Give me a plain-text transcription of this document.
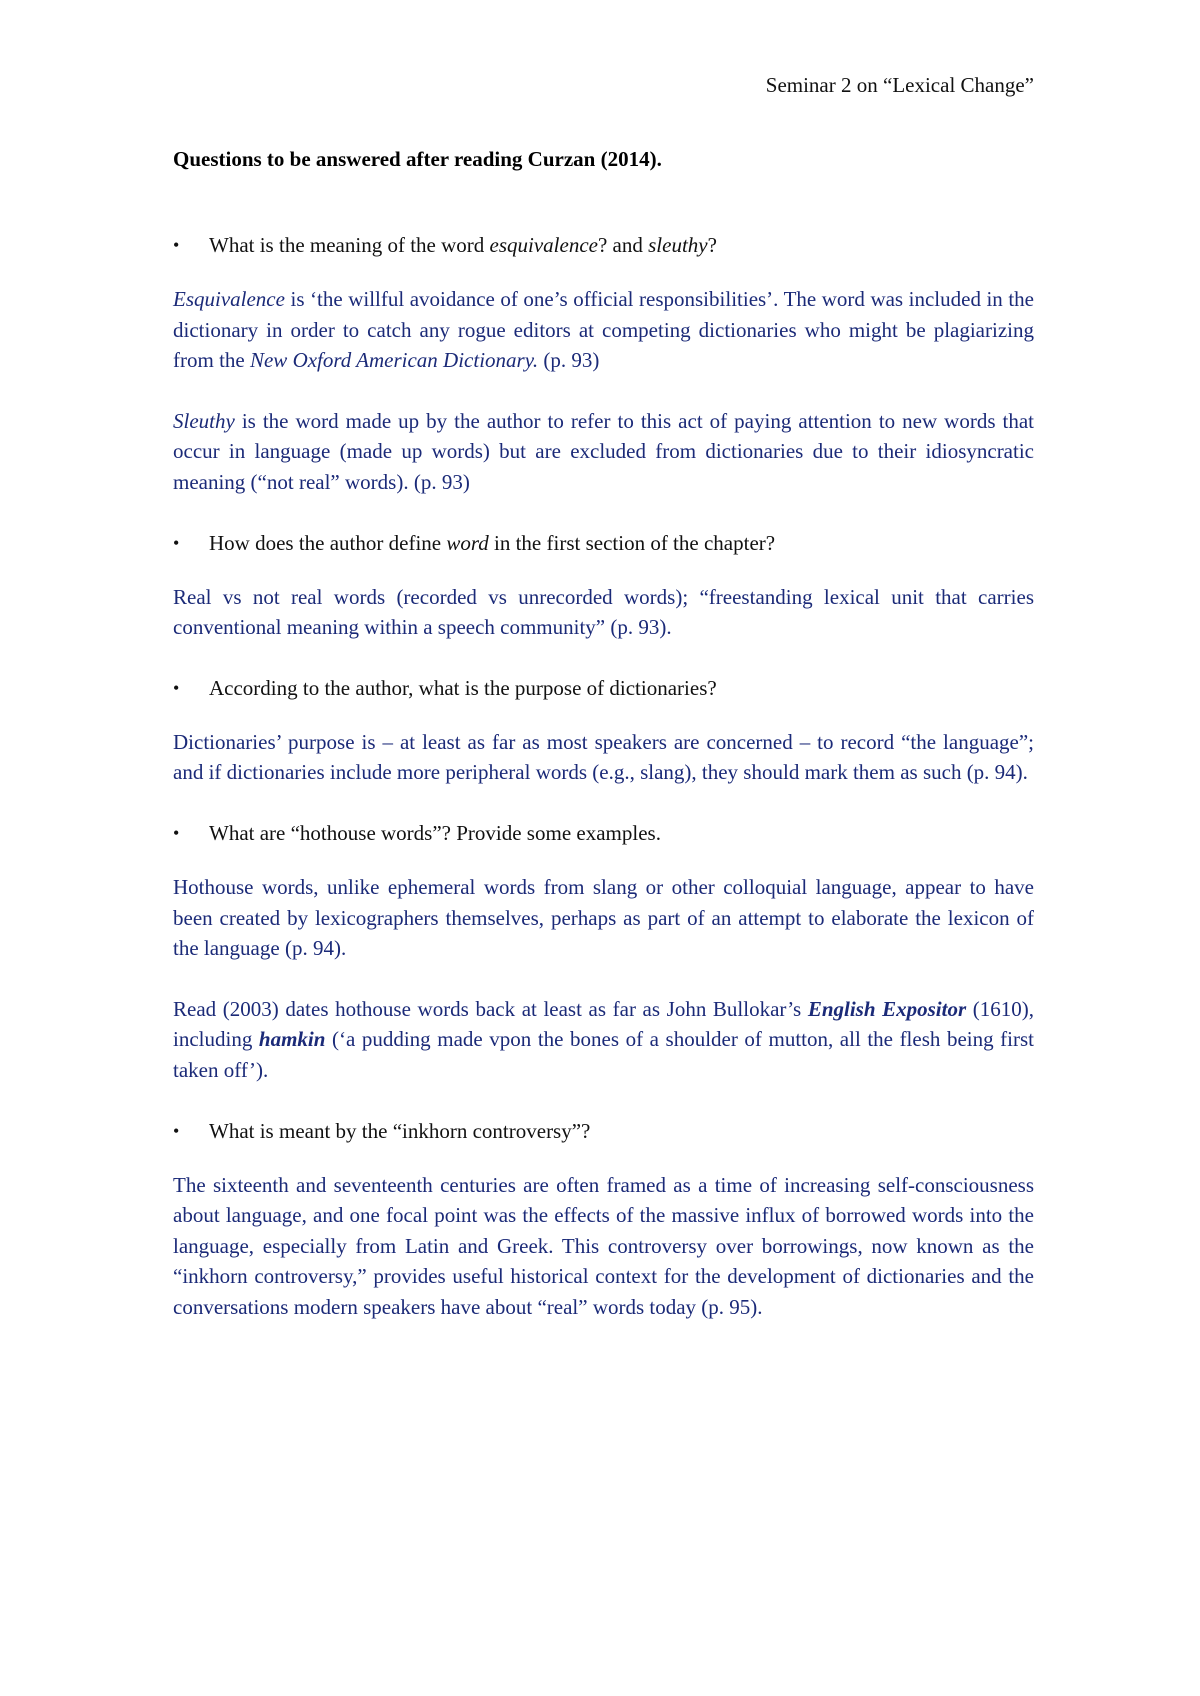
Seminar 2 on “Lexical Change”

Questions to be answered after reading Curzan (2014).

• What is the meaning of the word esquivalence? and sleuthy?

Esquivalence is ‘the willful avoidance of one’s official responsibilities’. The word was included in the dictionary in order to catch any rogue editors at competing dictionaries who might be plagiarizing from the New Oxford American Dictionary. (p. 93)

Sleuthy is the word made up by the author to refer to this act of paying attention to new words that occur in language (made up words) but are excluded from dictionaries due to their idiosyncratic meaning (“not real” words). (p. 93)

• How does the author define word in the first section of the chapter?

Real vs not real words (recorded vs unrecorded words); “freestanding lexical unit that carries conventional meaning within a speech community” (p. 93).

• According to the author, what is the purpose of dictionaries?

Dictionaries’ purpose is – at least as far as most speakers are concerned – to record “the language”; and if dictionaries include more peripheral words (e.g., slang), they should mark them as such (p. 94).

• What are “hothouse words”? Provide some examples.

Hothouse words, unlike ephemeral words from slang or other colloquial language, appear to have been created by lexicographers themselves, perhaps as part of an attempt to elaborate the lexicon of the language (p. 94).

Read (2003) dates hothouse words back at least as far as John Bullokar’s English Expositor (1610), including hamkin (‘a pudding made vpon the bones of a shoulder of mutton, all the flesh being first taken off’).

• What is meant by the “inkhorn controversy”?

The sixteenth and seventeenth centuries are often framed as a time of increasing self-consciousness about language, and one focal point was the effects of the massive influx of borrowed words into the language, especially from Latin and Greek. This controversy over borrowings, now known as the “inkhorn controversy,” provides useful historical context for the development of dictionaries and the conversations modern speakers have about “real” words today (p. 95).
